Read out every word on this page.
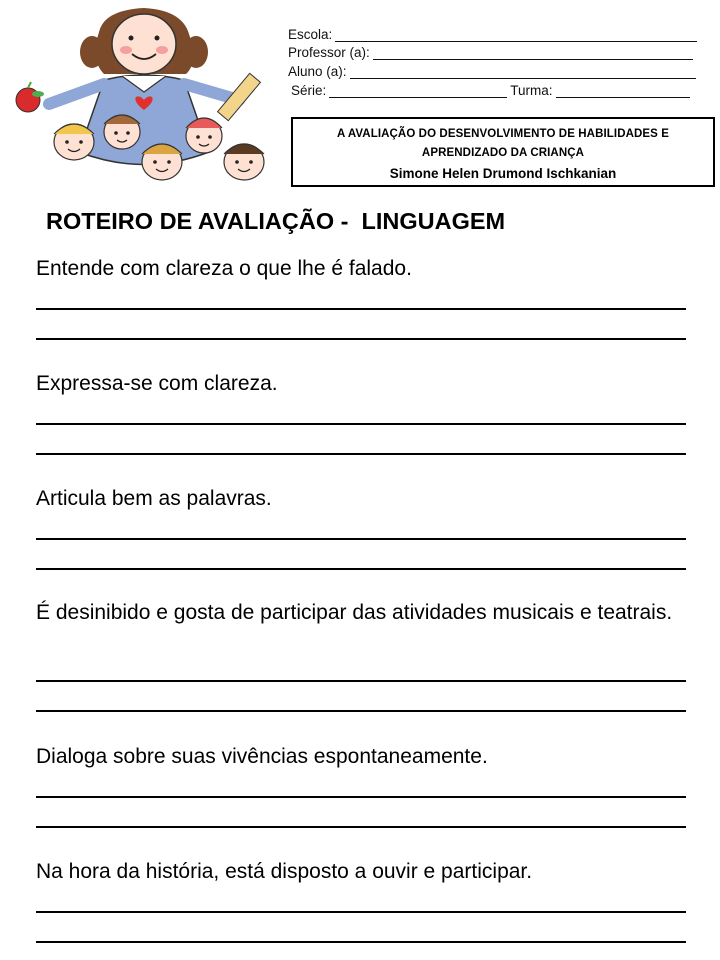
Escola:
Professor (a):
Aluno (a):
Série:	Turma:
A AVALIAÇÃO DO DESENVOLVIMENTO DE HABILIDADES E
APRENDIZADO DA CRIANÇA
Simone Helen Drumond Ischkanian
ROTEIRO DE AVALIAÇÃO -  LINGUAGEM
Entende com clareza o que lhe é falado.
Expressa-se com clareza.
Articula bem as palavras.
É desinibido e gosta de participar das atividades musicais e teatrais.
Dialoga sobre suas vivências espontaneamente.
Na hora da história, está disposto a ouvir e participar.
